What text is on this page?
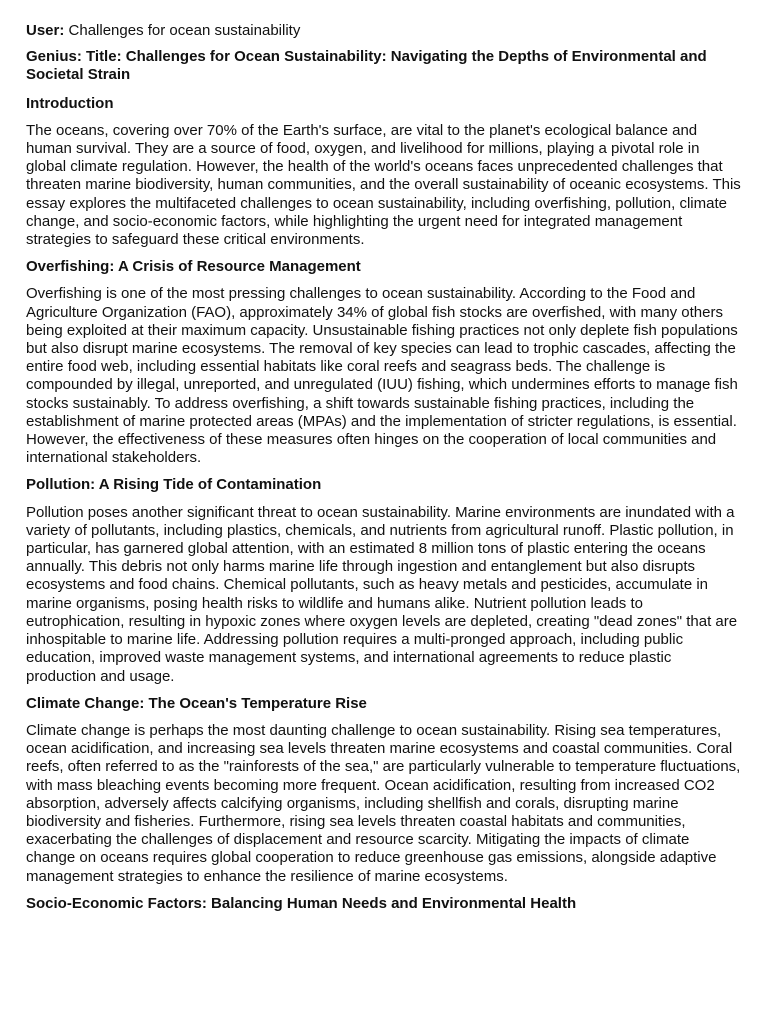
User: Challenges for ocean sustainability
Genius: Title: Challenges for Ocean Sustainability: Navigating the Depths of Environmental and Societal Strain
Introduction

The oceans, covering over 70% of the Earth's surface, are vital to the planet's ecological balance and human survival. They are a source of food, oxygen, and livelihood for millions, playing a pivotal role in global climate regulation. However, the health of the world's oceans faces unprecedented challenges that threaten marine biodiversity, human communities, and the overall sustainability of oceanic ecosystems. This essay explores the multifaceted challenges to ocean sustainability, including overfishing, pollution, climate change, and socio-economic factors, while highlighting the urgent need for integrated management strategies to safeguard these critical environments.

Overfishing: A Crisis of Resource Management

Overfishing is one of the most pressing challenges to ocean sustainability. According to the Food and Agriculture Organization (FAO), approximately 34% of global fish stocks are overfished, with many others being exploited at their maximum capacity. Unsustainable fishing practices not only deplete fish populations but also disrupt marine ecosystems. The removal of key species can lead to trophic cascades, affecting the entire food web, including essential habitats like coral reefs and seagrass beds. The challenge is compounded by illegal, unreported, and unregulated (IUU) fishing, which undermines efforts to manage fish stocks sustainably. To address overfishing, a shift towards sustainable fishing practices, including the establishment of marine protected areas (MPAs) and the implementation of stricter regulations, is essential. However, the effectiveness of these measures often hinges on the cooperation of local communities and international stakeholders.

Pollution: A Rising Tide of Contamination

Pollution poses another significant threat to ocean sustainability. Marine environments are inundated with a variety of pollutants, including plastics, chemicals, and nutrients from agricultural runoff. Plastic pollution, in particular, has garnered global attention, with an estimated 8 million tons of plastic entering the oceans annually. This debris not only harms marine life through ingestion and entanglement but also disrupts ecosystems and food chains. Chemical pollutants, such as heavy metals and pesticides, accumulate in marine organisms, posing health risks to wildlife and humans alike. Nutrient pollution leads to eutrophication, resulting in hypoxic zones where oxygen levels are depleted, creating "dead zones" that are inhospitable to marine life. Addressing pollution requires a multi-pronged approach, including public education, improved waste management systems, and international agreements to reduce plastic production and usage.

Climate Change: The Ocean's Temperature Rise

Climate change is perhaps the most daunting challenge to ocean sustainability. Rising sea temperatures, ocean acidification, and increasing sea levels threaten marine ecosystems and coastal communities. Coral reefs, often referred to as the "rainforests of the sea," are particularly vulnerable to temperature fluctuations, with mass bleaching events becoming more frequent. Ocean acidification, resulting from increased CO2 absorption, adversely affects calcifying organisms, including shellfish and corals, disrupting marine biodiversity and fisheries. Furthermore, rising sea levels threaten coastal habitats and communities, exacerbating the challenges of displacement and resource scarcity. Mitigating the impacts of climate change on oceans requires global cooperation to reduce greenhouse gas emissions, alongside adaptive management strategies to enhance the resilience of marine ecosystems.

Socio-Economic Factors: Balancing Human Needs and Environmental Health
